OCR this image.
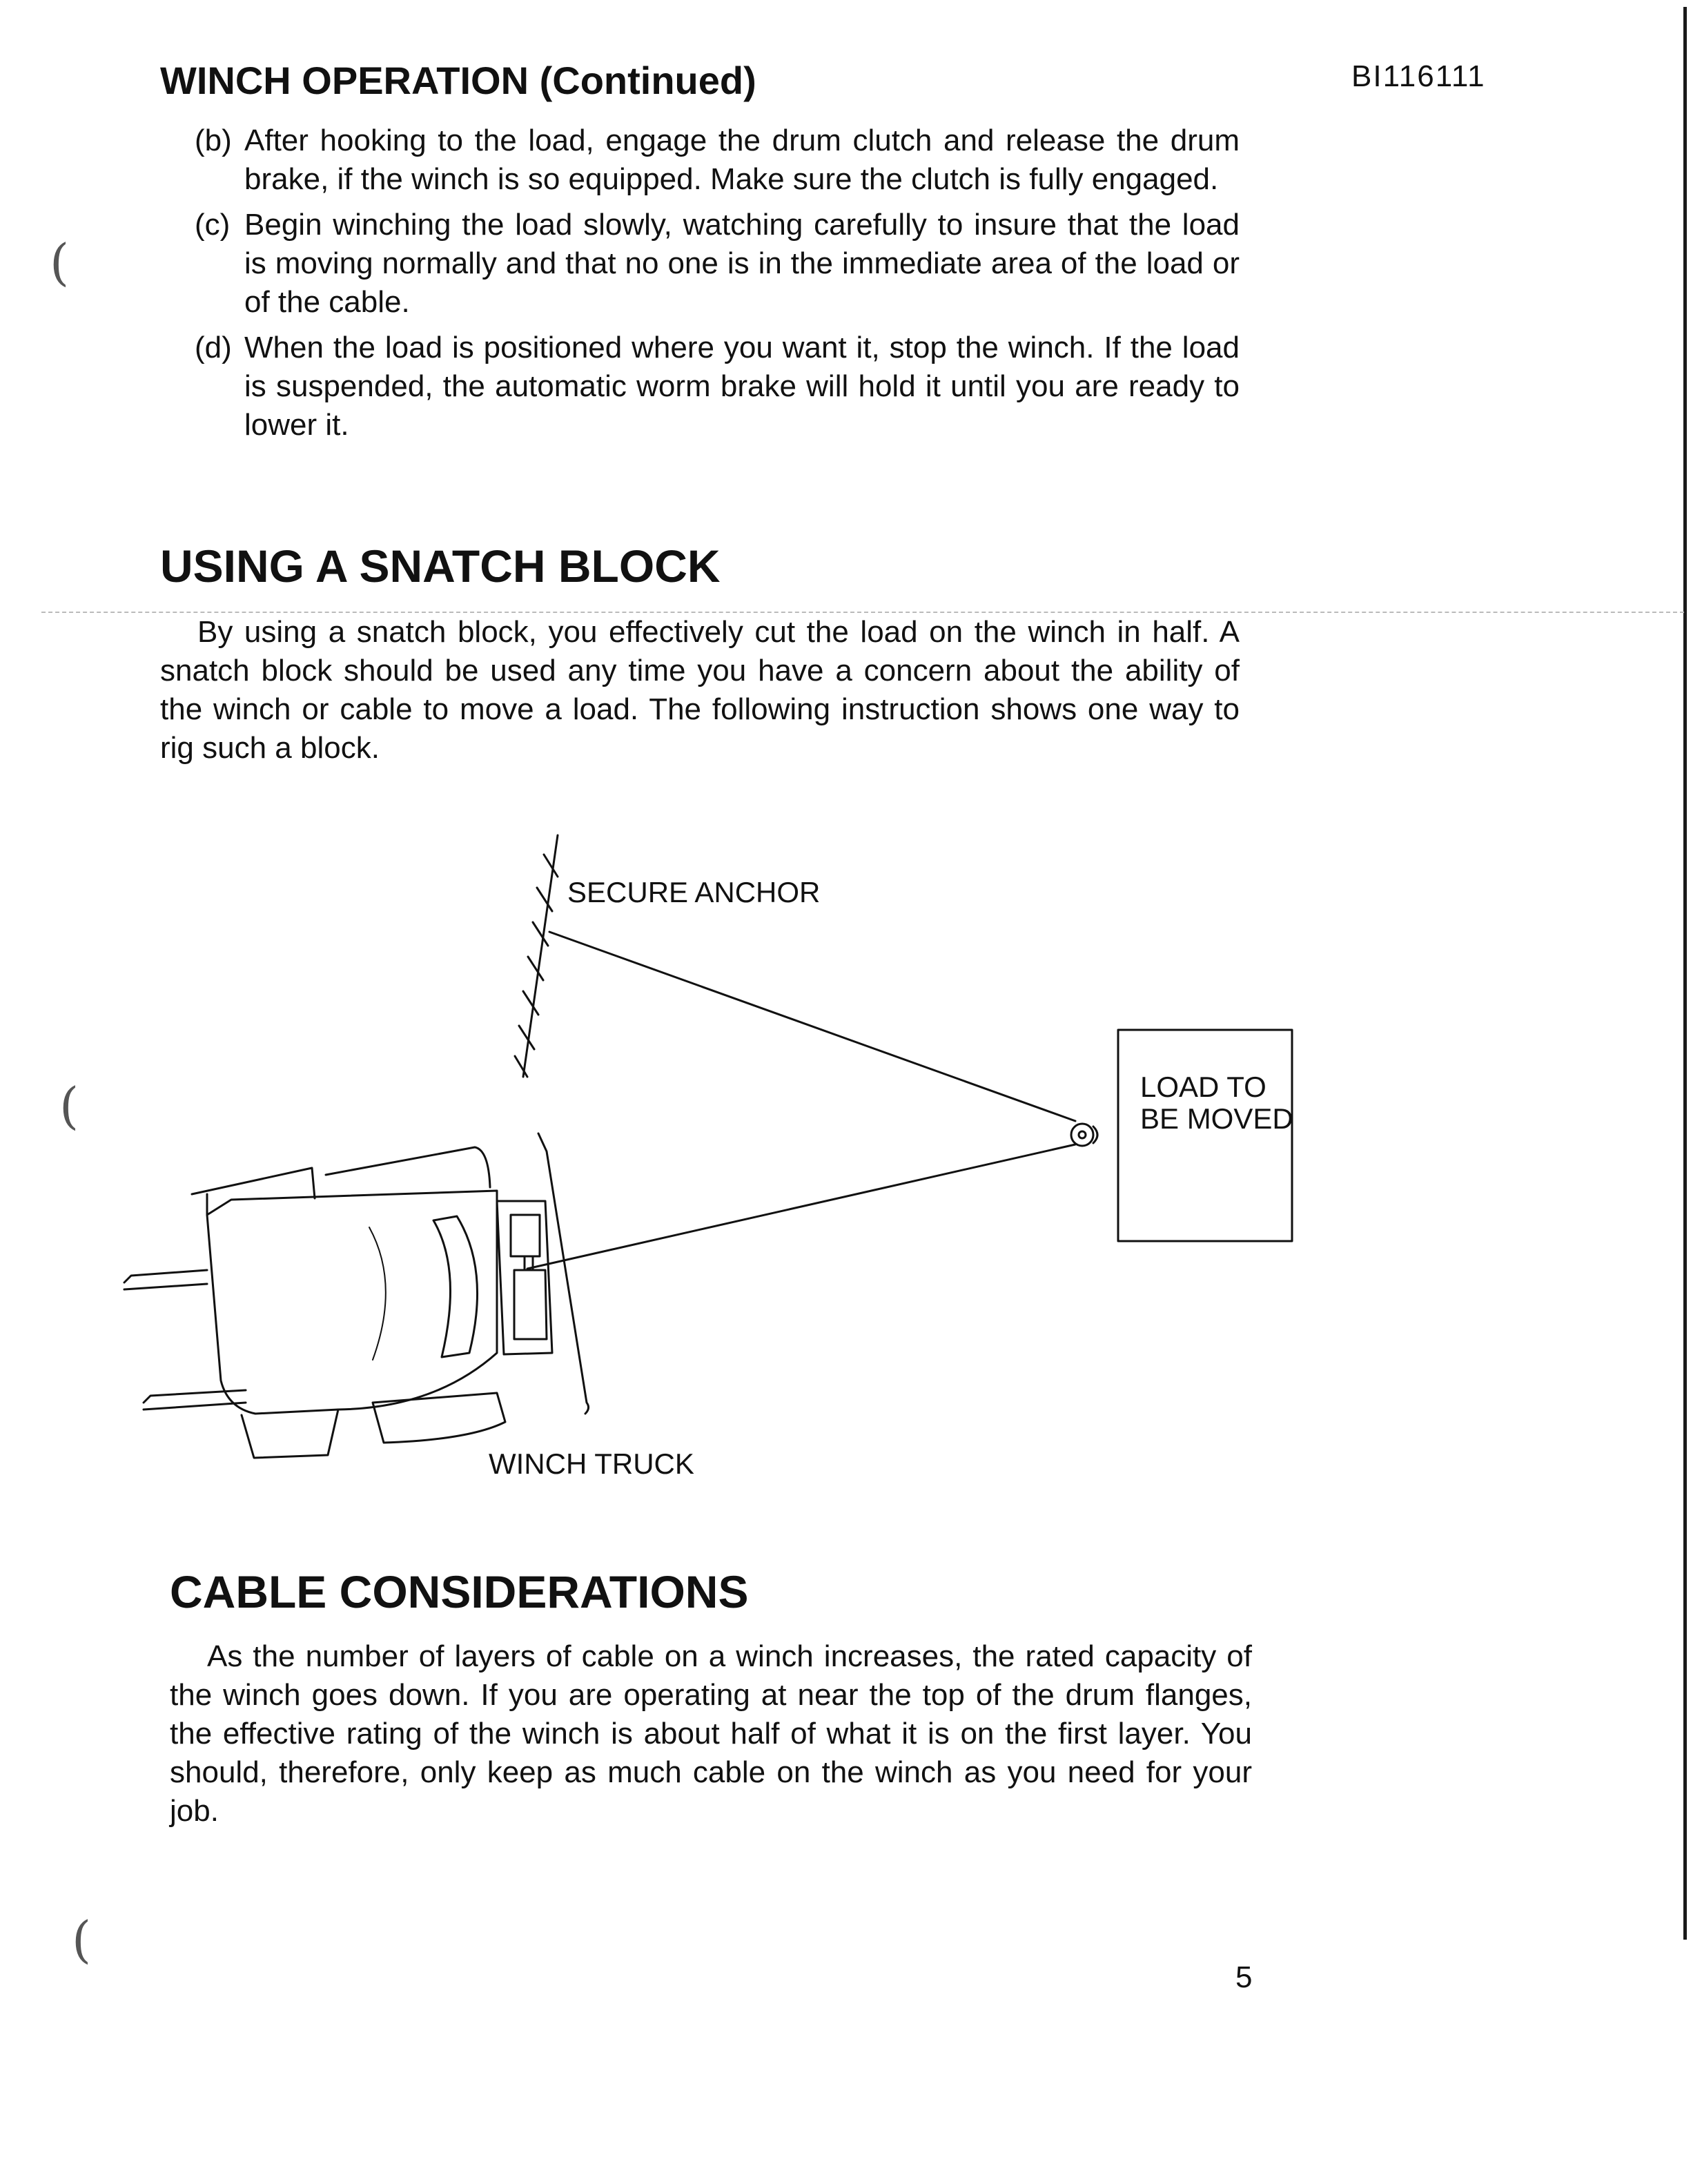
(
(
(
BI116111
WINCH OPERATION (Continued)
(b) After hooking to the load, engage the drum clutch and release the drum brake, if the winch is so equipped. Make sure the clutch is fully engaged.
(c) Begin winching the load slowly, watching carefully to insure that the load is moving normally and that no one is in the immediate area of the load or of the cable.
(d) When the load is positioned where you want it, stop the winch. If the load is suspended, the automatic worm brake will hold it until you are ready to lower it.
USING A SNATCH BLOCK

By using a snatch block, you effectively cut the load on the winch in half. A snatch block should be used any time you have a concern about the ability of the winch or cable to move a load. The following instruction shows one way to rig such a block.

SECURE ANCHOR
LOAD TO BE MOVED
WINCH TRUCK
CABLE CONSIDERATIONS

As the number of layers of cable on a winch increases, the rated capacity of the winch goes down. If you are operating at near the top of the drum flanges, the effective rating of the winch is about half of what it is on the first layer. You should, therefore, only keep as much cable on the winch as you need for your job.

5
